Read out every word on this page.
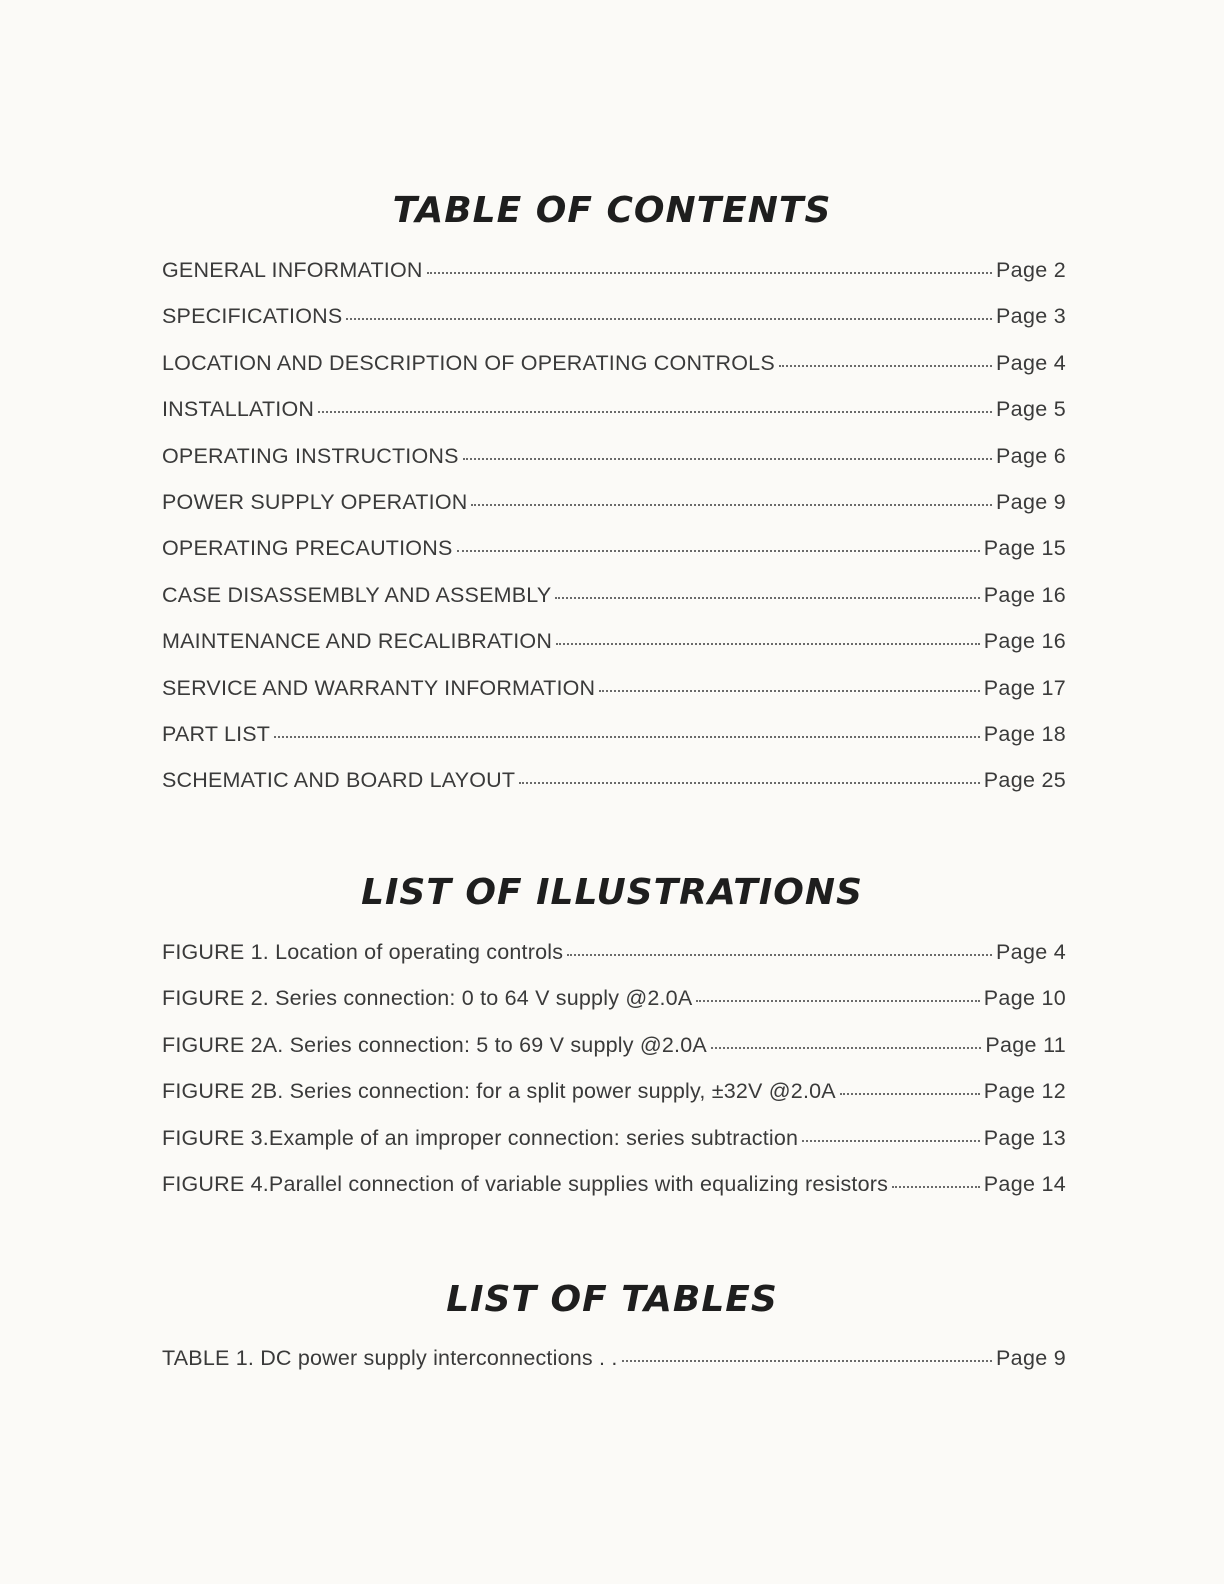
TABLE OF CONTENTS
GENERAL INFORMATION	Page 2
SPECIFICATIONS	Page 3
LOCATION AND DESCRIPTION OF OPERATING CONTROLS	Page 4
INSTALLATION	Page 5
OPERATING INSTRUCTIONS	Page 6
POWER SUPPLY OPERATION	Page 9
OPERATING PRECAUTIONS	Page 15
CASE DISASSEMBLY AND ASSEMBLY	Page 16
MAINTENANCE AND RECALIBRATION	Page 16
SERVICE AND WARRANTY INFORMATION	Page 17
PART LIST	Page 18
SCHEMATIC AND BOARD LAYOUT	Page 25
LIST OF ILLUSTRATIONS
FIGURE 1. Location of operating controls	Page 4
FIGURE 2. Series connection: 0 to 64 V supply @2.0A	Page 10
FIGURE 2A. Series connection: 5 to 69 V supply @2.0A	Page 11
FIGURE 2B. Series connection: for a split power supply, ±32V @2.0A	Page 12
FIGURE 3.Example of an improper connection: series subtraction	Page 13
FIGURE 4.Parallel connection of variable supplies with equalizing resistors	Page 14
LIST OF TABLES
TABLE 1. DC power supply interconnections . .	Page 9
